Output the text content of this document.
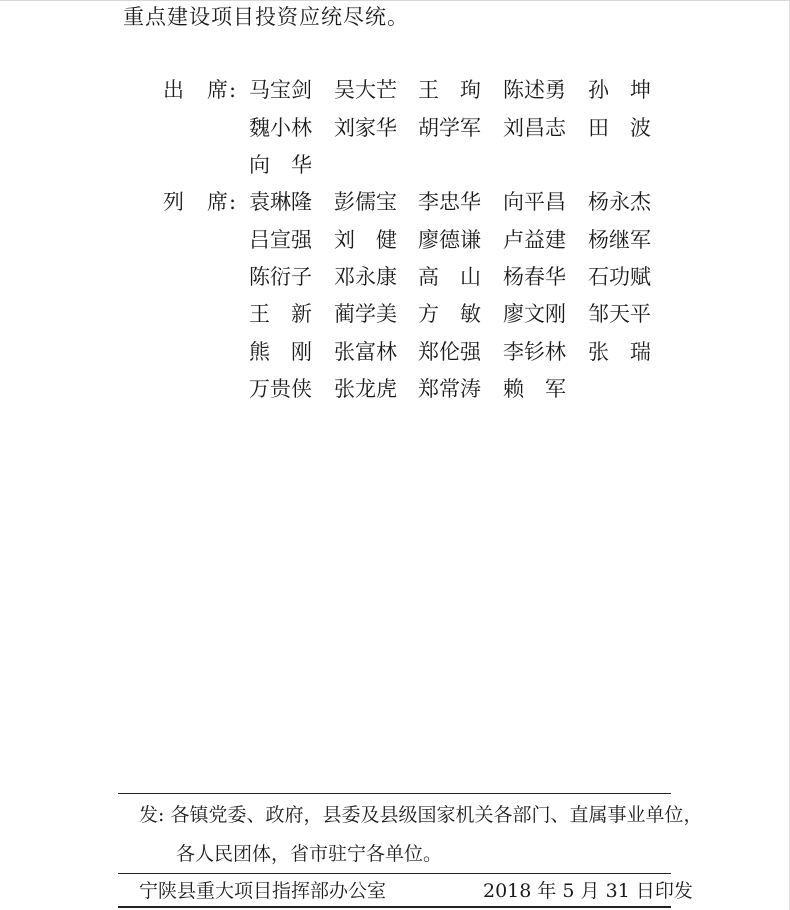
重点建设项目投资应统尽统。
出 席: 马宝剑 吴大芒 王　珣 陈述勇 孙　坤
魏小林 刘家华 胡学军 刘昌志 田　波
向　华
列 席: 袁琳隆 彭儒宝 李忠华 向平昌 杨永杰
吕宣强 刘　健 廖德谦 卢益建 杨继军
陈衍子 邓永康 高　山 杨春华 石功赋
王　新 蔺学美 方　敏 廖文刚 邹天平
熊　刚 张富林 郑伦强 李钐林 张　瑞
万贵侠 张龙虎 郑常涛 赖　军
发: 各镇党委、政府，县委及县级国家机关各部门、直属事业单位，
各人民团体，省市驻宁各单位。
宁陕县重大项目指挥部办公室	2018 年 5 月 31 日印发
